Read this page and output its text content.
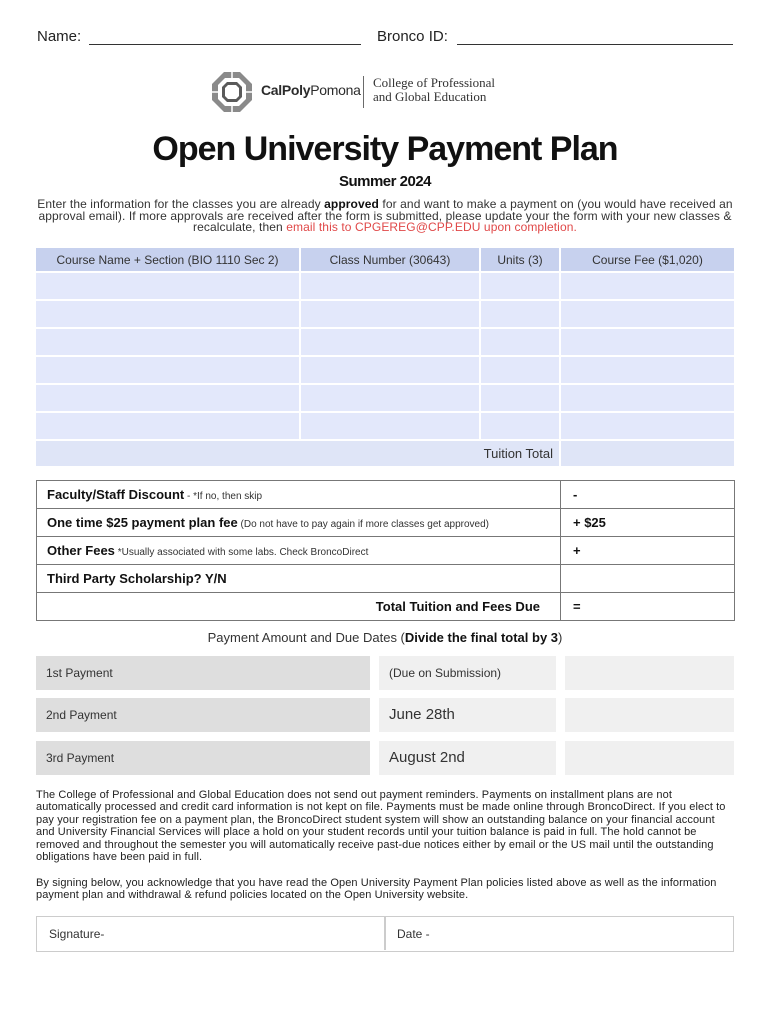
Name:	Bronco ID:
CalPolyPomona College of Professional
and Global Education
Open University Payment Plan
Summer 2024
Enter the information for the classes you are already approved for and want to make a payment on (you would have received an approval email). If more approvals are received after the form is submitted, please update your the form with your new classes & recalculate, then email this to CPGEREG@CPP.EDU upon completion.
Course Name + Section (BIO 1110 Sec 2)	Class Number (30643)	Units (3)	Course Fee ($1,020)

Tuition Total			
Faculty/Staff Discount - *If no, then skip	-
One time $25 payment plan fee (Do not have to pay again if more classes get approved)	+ $25
Other Fees *Usually associated with some labs. Check BroncoDirect	+
Third Party Scholarship? Y/N	
Total Tuition and Fees Due	=
Payment Amount and Due Dates (Divide the final total by 3)
1st Payment	(Due on Submission)
2nd Payment	June 28th
3rd Payment	August 2nd
The College of Professional and Global Education does not send out payment reminders. Payments on installment plans are not automatically processed and credit card information is not kept on file. Payments must be made online through BroncoDirect. If you elect to pay your registration fee on a payment plan, the BroncoDirect student system will show an outstanding balance on your financial account and University Financial Services will place a hold on your student records until your tuition balance is paid in full. The hold cannot be removed and throughout the semester you will automatically receive past-due notices either by email or the US mail until the outstanding obligations have been paid in full.
By signing below, you acknowledge that you have read the Open University Payment Plan policies listed above as well as the information payment plan and withdrawal & refund policies located on the Open University website.
Signature-	Date -
